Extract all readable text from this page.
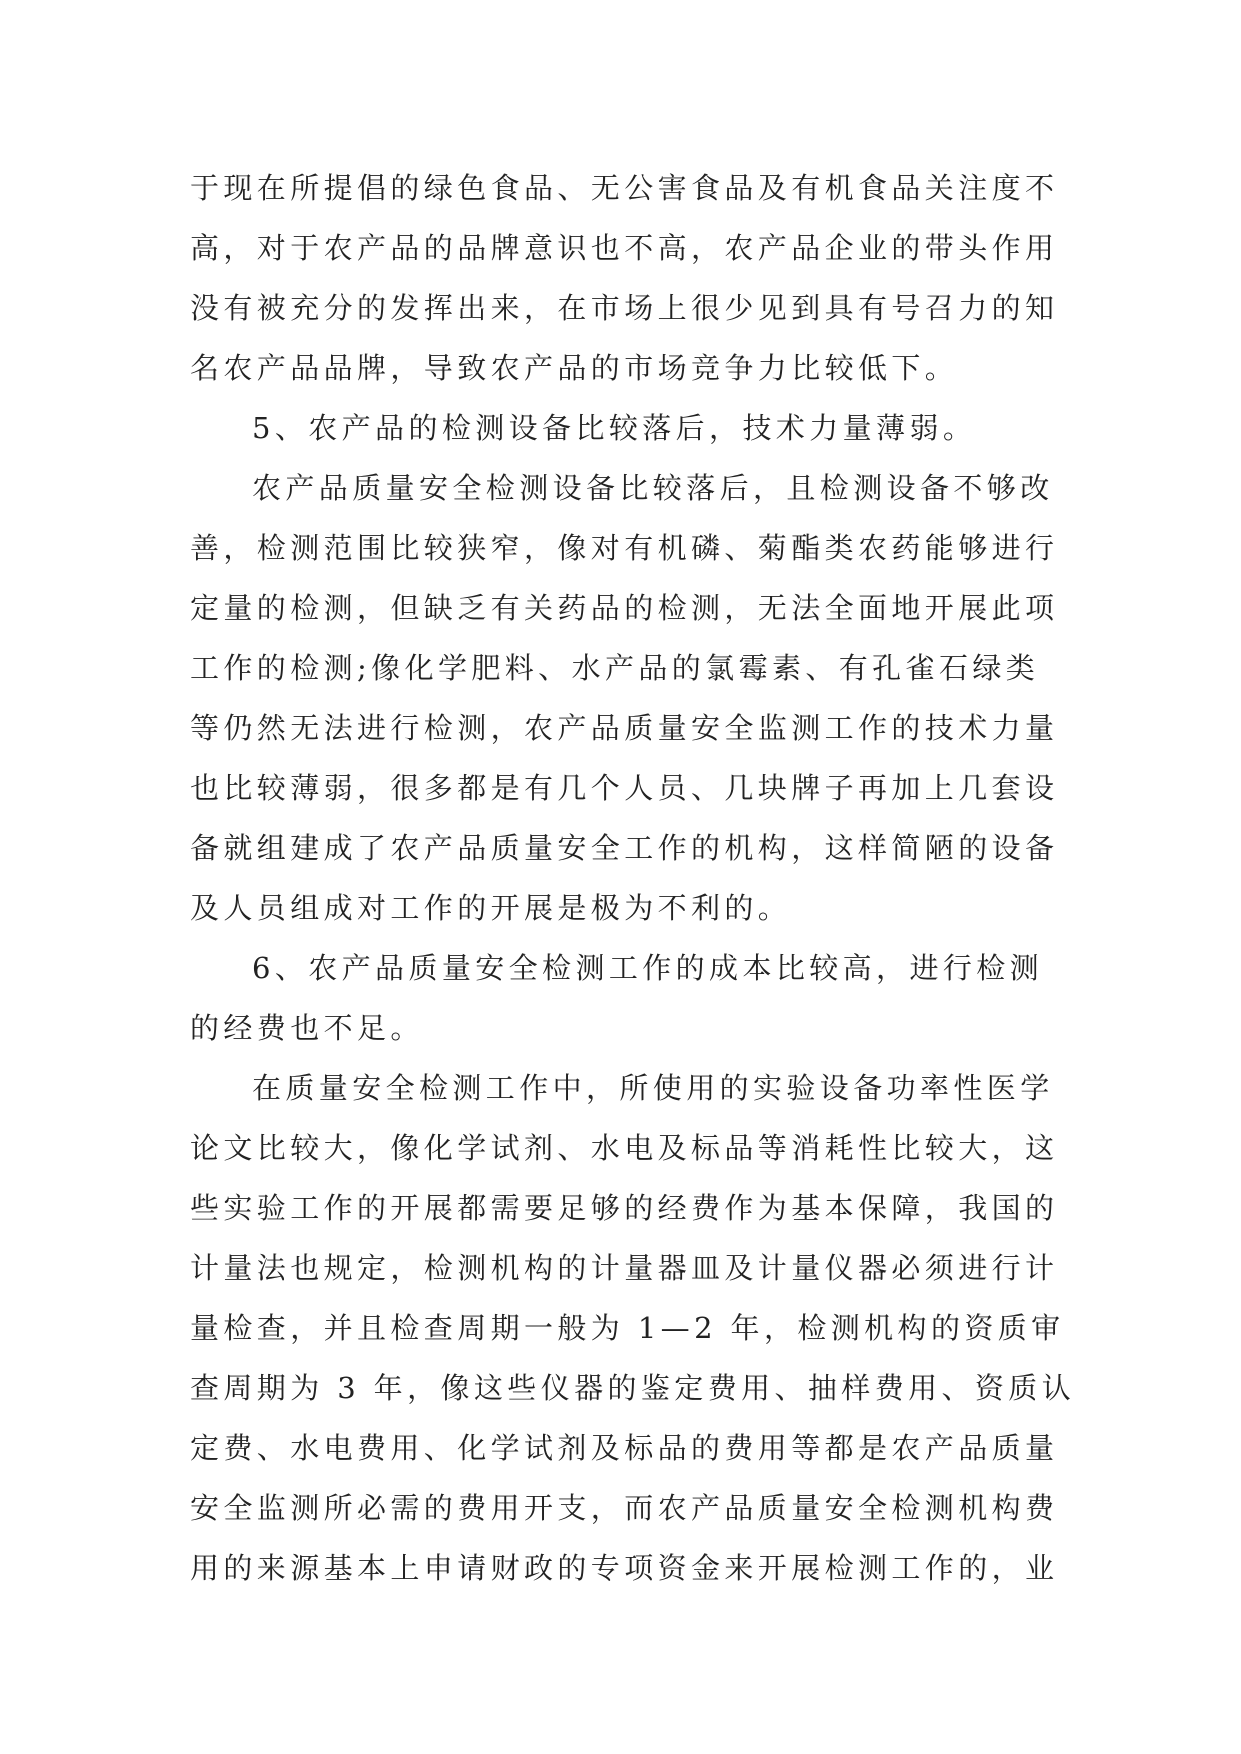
于现在所提倡的绿色食品、无公害食品及有机食品关注度不
高，对于农产品的品牌意识也不高，农产品企业的带头作用
没有被充分的发挥出来，在市场上很少见到具有号召力的知
名农产品品牌，导致农产品的市场竞争力比较低下。
5、农产品的检测设备比较落后，技术力量薄弱。
农产品质量安全检测设备比较落后，且检测设备不够改
善，检测范围比较狭窄，像对有机磷、菊酯类农药能够进行
定量的检测，但缺乏有关药品的检测，无法全面地开展此项
工作的检测;像化学肥料、水产品的氯霉素、有孔雀石绿类
等仍然无法进行检测，农产品质量安全监测工作的技术力量
也比较薄弱，很多都是有几个人员、几块牌子再加上几套设
备就组建成了农产品质量安全工作的机构，这样简陋的设备
及人员组成对工作的开展是极为不利的。
6、农产品质量安全检测工作的成本比较高，进行检测
的经费也不足。
在质量安全检测工作中，所使用的实验设备功率性医学
论文比较大，像化学试剂、水电及标品等消耗性比较大，这
些实验工作的开展都需要足够的经费作为基本保障，我国的
计量法也规定，检测机构的计量器皿及计量仪器必须进行计
量检查，并且检查周期一般为 1—2 年，检测机构的资质审
查周期为 3 年，像这些仪器的鉴定费用、抽样费用、资质认
定费、水电费用、化学试剂及标品的费用等都是农产品质量
安全监测所必需的费用开支，而农产品质量安全检测机构费
用的来源基本上申请财政的专项资金来开展检测工作的，业
